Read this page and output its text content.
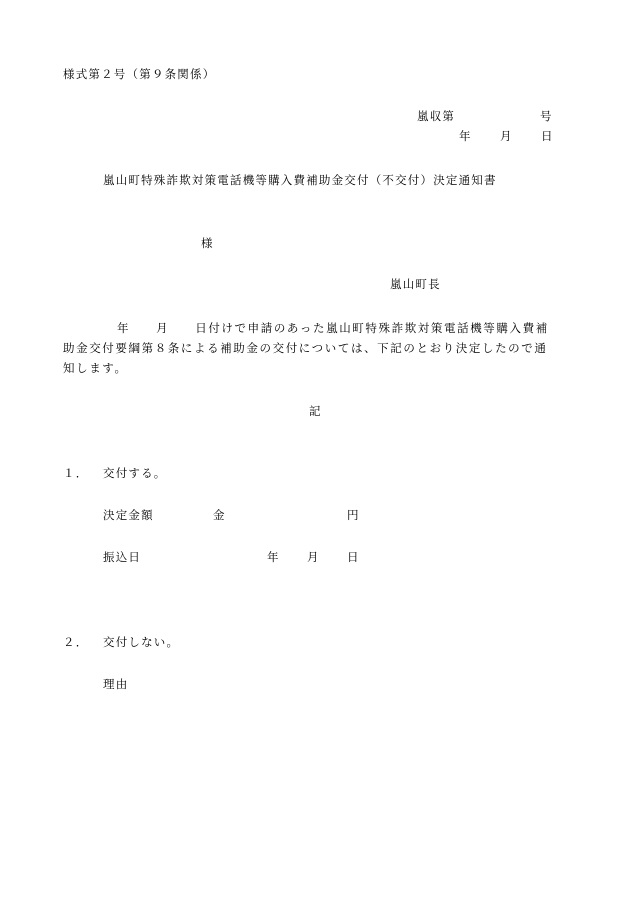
様式第２号（第９条関係）
嵐収第	号
年 月 日
嵐山町特殊詐欺対策電話機等購入費補助金交付（不交付）決定通知書
様
嵐山町長
年 月 日付けで申請のあった嵐山町特殊詐欺対策電話機等購入費補
助金交付要綱第８条による補助金の交付については、下記のとおり決定したので通
知します。
記
１． 交付する。
決定金額	金	円
振込日	年 月 日
２． 交付しない。
理由
